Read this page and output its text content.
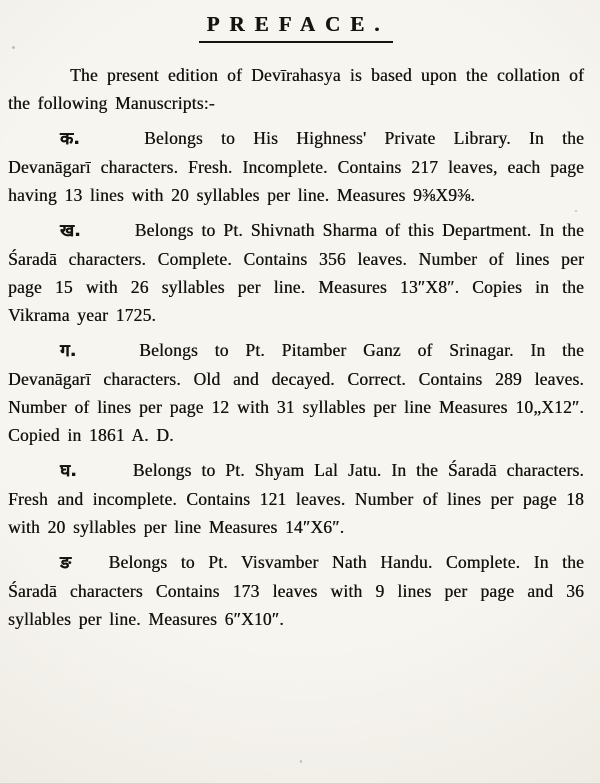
PREFACE.

The present edition of Devīrahasya is based upon the collation of the following Manuscripts:-

क.	Belongs to His Highness' Private Library. In the Devanāgarī characters. Fresh. Incomplete. Contains 217 leaves, each page having 13 lines with 20 syllables per line. Measures 9⅜X9⅜.

ख.	Belongs to Pt. Shivnath Sharma of this Department. In the Śaradā characters. Complete. Contains 356 leaves. Number of lines per page 15 with 26 syllables per line. Measures 13″X8″. Copies in the Vikrama year 1725.

ग.	Belongs to Pt. Pitamber Ganz of Srinagar. In the Devanāgarī characters. Old and decayed. Correct. Contains 289 leaves. Number of lines per page 12 with 31 syllables per line Measures 10„X12″. Copied in 1861 A. D.

घ.	Belongs to Pt. Shyam Lal Jatu. In the Śaradā characters. Fresh and incomplete. Contains 121 leaves. Number of lines per page 18 with 20 syllables per line Measures 14″X6″.

ङ Belongs to Pt. Visvamber Nath Handu. Complete. In the Śaradā characters Contains 173 leaves with 9 lines per page and 36 syllables per line. Measures 6″X10″.
